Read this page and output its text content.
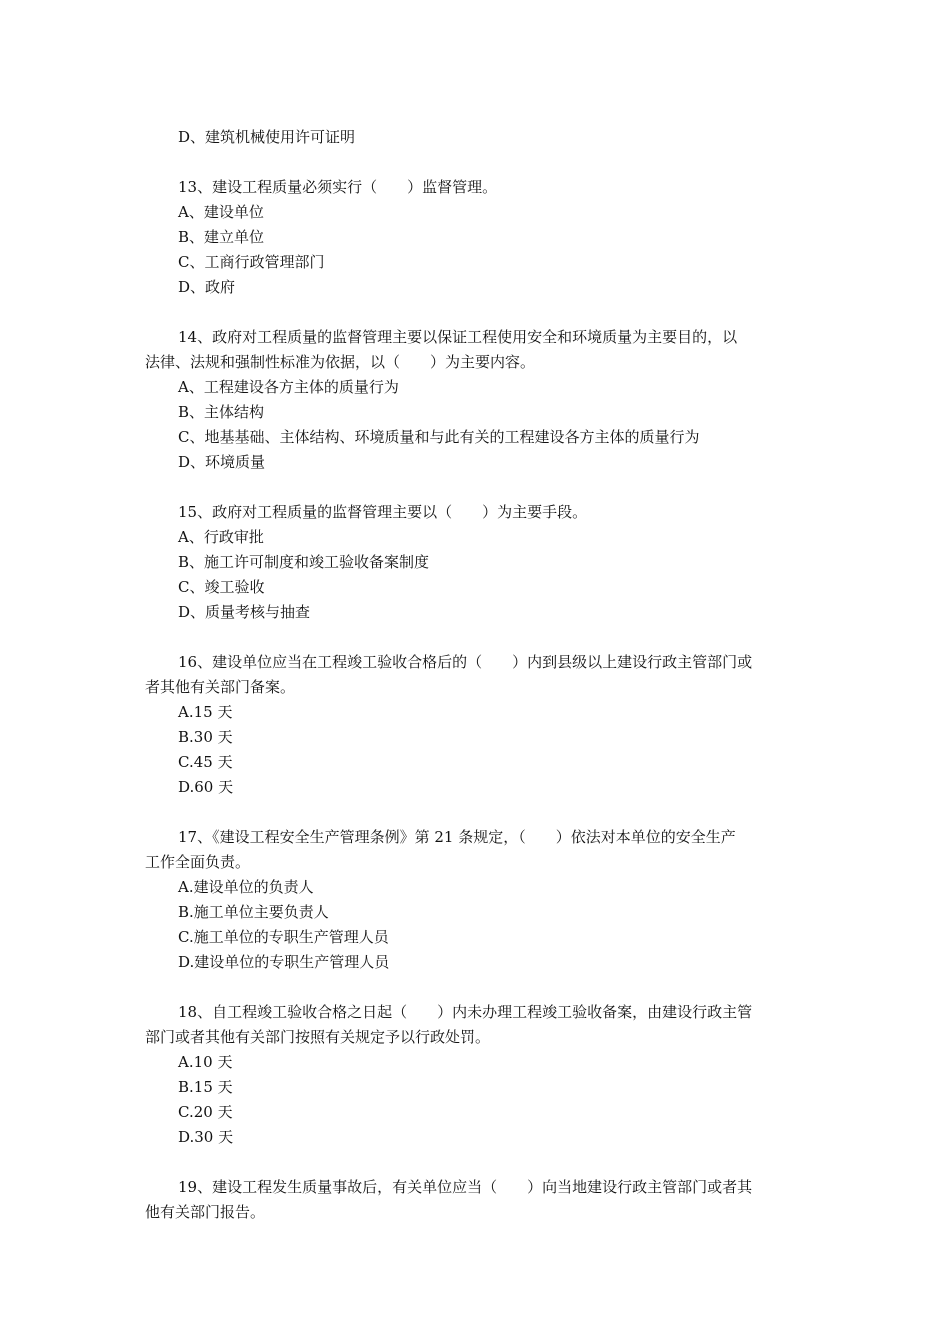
D、建筑机械使用许可证明
13、建设工程质量必须实行（　　）监督管理。
A、建设单位
B、建立单位
C、工商行政管理部门
D、政府
14、政府对工程质量的监督管理主要以保证工程使用安全和环境质量为主要目的，以
法律、法规和强制性标准为依据，以（　　）为主要内容。
A、工程建设各方主体的质量行为
B、主体结构
C、地基基础、主体结构、环境质量和与此有关的工程建设各方主体的质量行为
D、环境质量
15、政府对工程质量的监督管理主要以（　　）为主要手段。
A、行政审批
B、施工许可制度和竣工验收备案制度
C、竣工验收
D、质量考核与抽查
16、建设单位应当在工程竣工验收合格后的（　　）内到县级以上建设行政主管部门或
者其他有关部门备案。
A.15 天
B.30 天
C.45 天
D.60 天
17、《建设工程安全生产管理条例》第 21 条规定，（　　）依法对本单位的安全生产
工作全面负责。
A.建设单位的负责人
B.施工单位主要负责人
C.施工单位的专职生产管理人员
D.建设单位的专职生产管理人员
18、自工程竣工验收合格之日起（　　）内未办理工程竣工验收备案，由建设行政主管
部门或者其他有关部门按照有关规定予以行政处罚。
A.10 天
B.15 天
C.20 天
D.30 天
19、建设工程发生质量事故后，有关单位应当（　　）向当地建设行政主管部门或者其
他有关部门报告。
